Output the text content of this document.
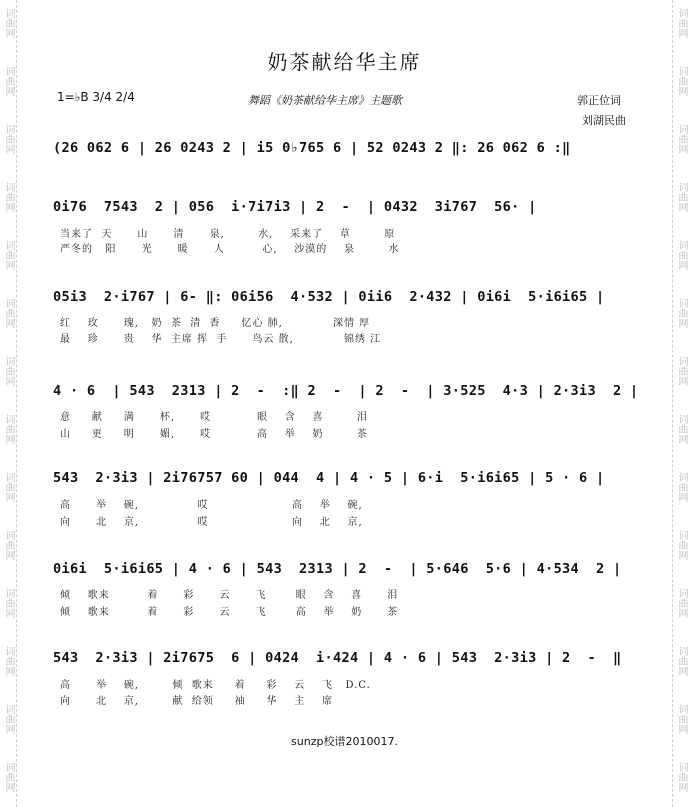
词曲网
词曲网
词曲网
词曲网
词曲网
词曲网
词曲网
词曲网
词曲网
词曲网
词曲网
词曲网
词曲网
词曲网
词曲网
词曲网
词曲网
词曲网
词曲网
词曲网
词曲网
词曲网
词曲网
词曲网
词曲网
词曲网
词曲网
词曲网
奶茶献给华主席
1=♭B 3/4 2/4	舞蹈《奶茶献给华主席》主题歌	郭正位词
刘湖民曲
(26 062 6 | 26 0243 2 | i5 0♭765 6 | 52 0243 2 ‖: 26 062 6 :‖
0i76  7543  2 | 056  i·7i7i3 | 2  -  | 0432  3i767  56· |
当来了  天      山      清      泉,        水,    采来了    草        原
严冬的   阳      光      暖      人         心,    沙漠的    泉        水
05i3  2·i767 | 6- ‖: 06i56  4·532 | 0ii6  2·432 | 0i6i  5·i6i65 |
红    玫      瑰,   奶  茶  清  香     忆心 肺,            深情 厚
最    珍      贵    华  主席 挥  手      鸟云 散,            锦绣 江
4 · 6  | 543  2313 | 2  -  :‖ 2  -  | 2  -  | 3·525  4·3 | 2·3i3  2 |
意     献     满      杯,      哎           眼    含    喜        泪
山     更     明      媚,      哎           高    举    奶        茶
543  2·3i3 | 2i76757 60 | 044  4 | 4 · 5 | 6·i  5·i6i65 | 5 · 6 |
高      举    碗,              哎                    高    举    碗,
向      北    京,              哎                    向    北    京,
0i6i  5·i6i65 | 4 · 6 | 543  2313 | 2  -  | 5·646  5·6 | 4·534  2 |
倾    歌来         着      彩      云      飞       眼    含    喜      泪
倾    歌来         着      彩      云      飞       高    举    奶      茶
543  2·3i3 | 2i7675  6 | 0424  i·424 | 4 · 6 | 543  2·3i3 | 2  -  ‖
高      举    碗,        倾  歌来     着     彩    云    飞   D.C.
向      北    京,        献  给领     袖     华    主    席
sunzp校谱2010017.
